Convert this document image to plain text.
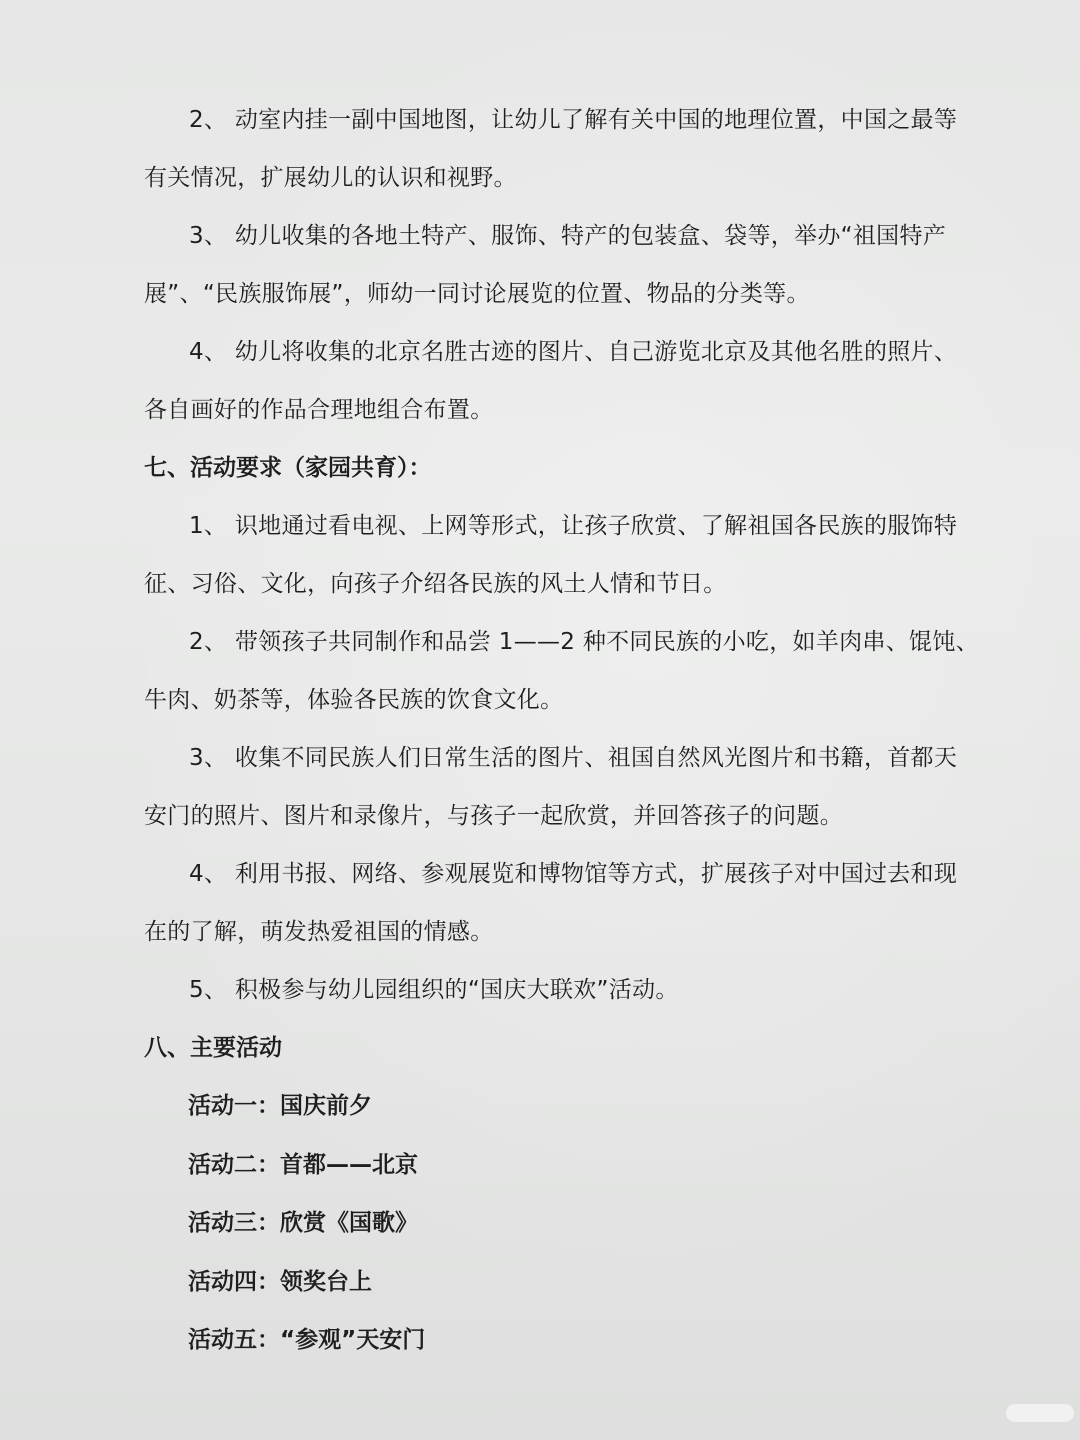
2、 动室内挂一副中国地图，让幼儿了解有关中国的地理位置，中国之最等

有关情况，扩展幼儿的认识和视野。

3、 幼儿收集的各地土特产、服饰、特产的包装盒、袋等，举办“祖国特产

展”、“民族服饰展”，师幼一同讨论展览的位置、物品的分类等。

4、 幼儿将收集的北京名胜古迹的图片、自己游览北京及其他名胜的照片、

各自画好的作品合理地组合布置。

七、活动要求（家园共育）：

1、 识地通过看电视、上网等形式，让孩子欣赏、了解祖国各民族的服饰特

征、习俗、文化，向孩子介绍各民族的风土人情和节日。

2、 带领孩子共同制作和品尝 1——2 种不同民族的小吃，如羊肉串、馄饨、

牛肉、奶茶等，体验各民族的饮食文化。

3、 收集不同民族人们日常生活的图片、祖国自然风光图片和书籍，首都天

安门的照片、图片和录像片，与孩子一起欣赏，并回答孩子的问题。

4、 利用书报、网络、参观展览和博物馆等方式，扩展孩子对中国过去和现

在的了解，萌发热爱祖国的情感。

5、 积极参与幼儿园组织的“国庆大联欢”活动。

八、主要活动

活动一：国庆前夕

活动二：首都——北京

活动三：欣赏《国歌》

活动四：领奖台上

活动五：“参观”天安门
